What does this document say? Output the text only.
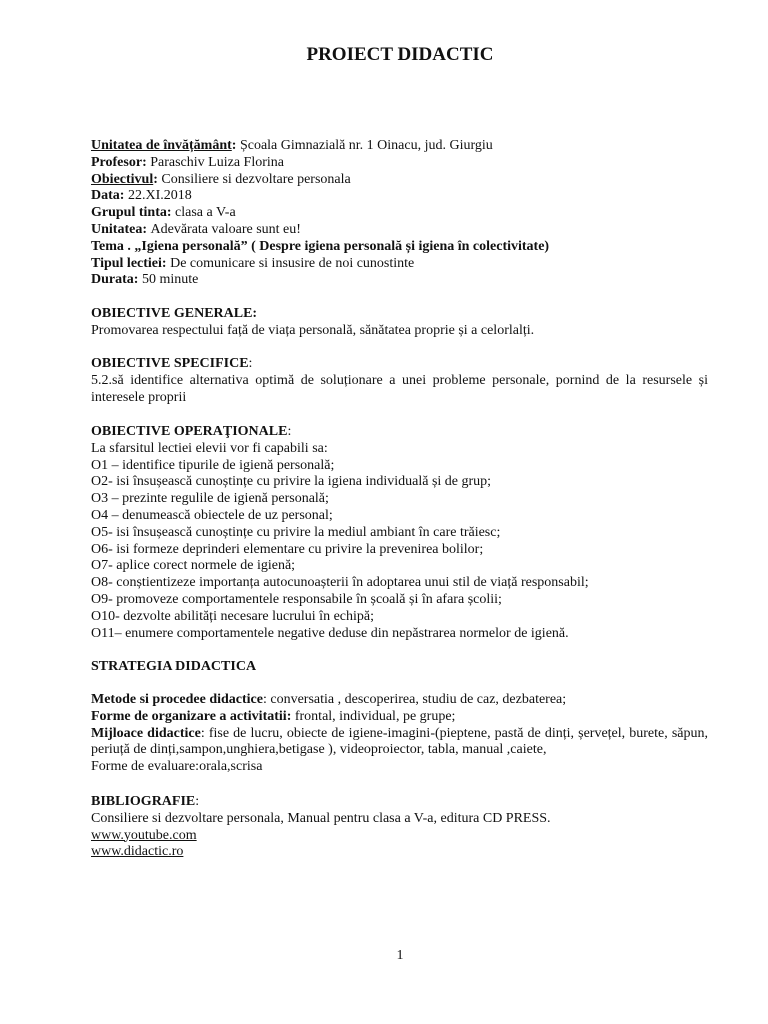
PROIECT DIDACTIC

Unitatea de învățământ: Școala Gimnazială nr. 1 Oinacu, jud. Giurgiu

Profesor: Paraschiv Luiza Florina

Obiectivul: Consiliere si dezvoltare personala

Data: 22.XI.2018

Grupul tinta: clasa a V-a

Unitatea: Adevărata valoare sunt eu!

Tema . „Igiena personală” ( Despre igiena personală și igiena în colectivitate)

Tipul lectiei: De comunicare si insusire de noi cunostinte

Durata: 50 minute

OBIECTIVE GENERALE:

Promovarea respectului față de viața personală, sănătatea proprie și a celorlalți.

OBIECTIVE SPECIFICE:

5.2.să identifice alternativa optimă de soluționare a unei probleme personale, pornind de la resursele și interesele proprii

OBIECTIVE OPERAŢIONALE:

La sfarsitul lectiei elevii vor fi capabili sa:

O1 – identifice tipurile de igienă personală;

O2- isi însușească cunoștințe cu privire la igiena individuală și de grup;

O3 – prezinte regulile de igienă personală;

O4 – denumească obiectele de uz personal;

O5- isi însușească cunoștințe cu privire la mediul ambiant în care trăiesc;

O6- isi formeze deprinderi elementare cu privire la prevenirea bolilor;

O7- aplice corect normele de igienă;

O8- conștientizeze importanța autocunoașterii în adoptarea unui stil de viață responsabil;

O9- promoveze comportamentele responsabile în școală și în afara școlii;

O10- dezvolte abilități necesare lucrului în echipă;

O11– enumere comportamentele negative deduse din nepăstrarea normelor de igienă.

STRATEGIA DIDACTICA

Metode si procedee didactice: conversatia , descoperirea, studiu de caz, dezbaterea;

Forme de organizare a activitatii: frontal, individual, pe grupe;

Mijloace didactice: fise de lucru, obiecte de igiene-imagini-(pieptene, pastă de dinți, șervețel, burete, săpun, periuță de dinți,sampon,unghiera,betigase ), videoproiector, tabla, manual ,caiete,

Forme de evaluare:orala,scrisa

BIBLIOGRAFIE:

Consiliere si dezvoltare personala, Manual pentru clasa a V-a, editura CD PRESS.

www.youtube.com

www.didactic.ro

1
